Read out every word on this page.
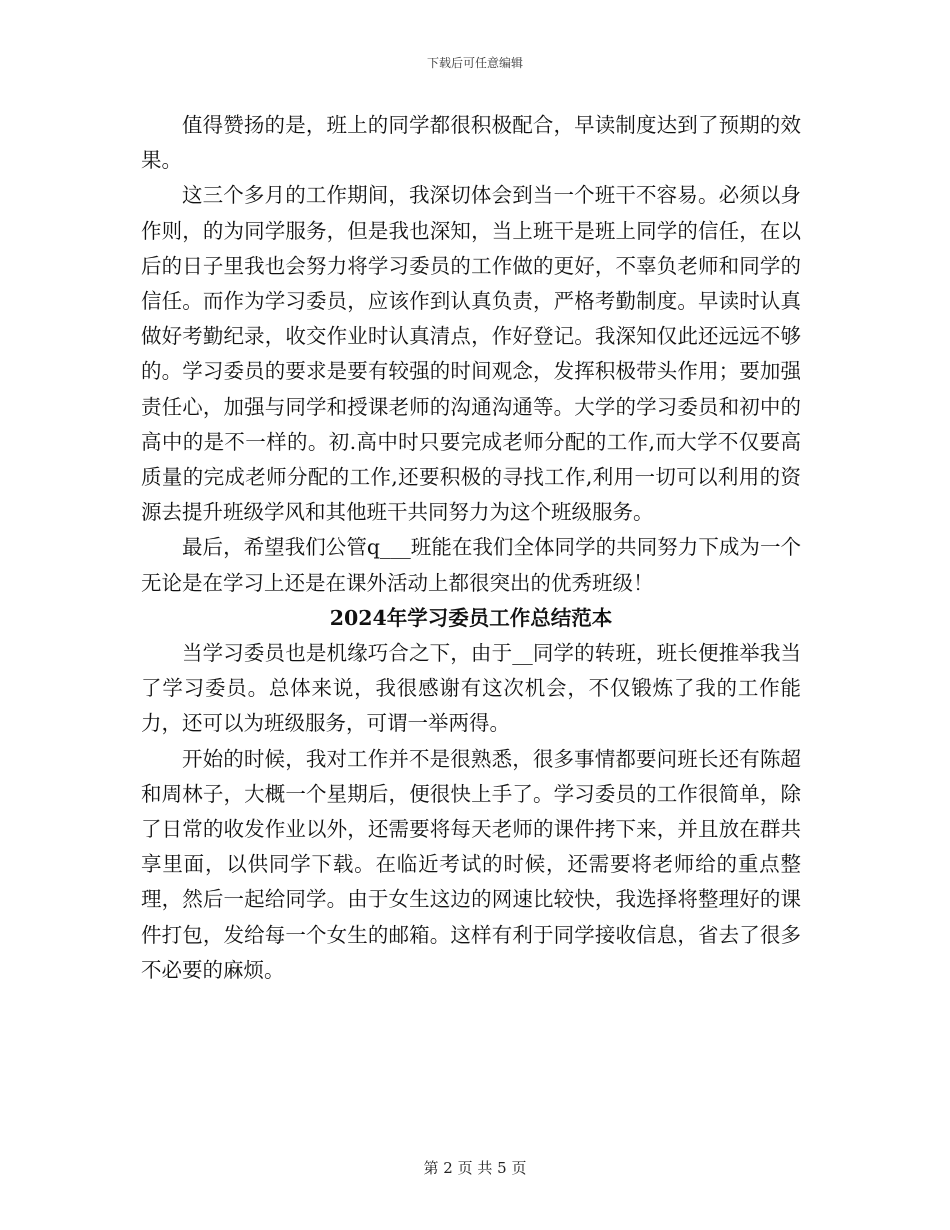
下载后可任意编辑

值得赞扬的是，班上的同学都很积极配合，早读制度达到了预期的效果。

这三个多月的工作期间，我深切体会到当一个班干不容易。必须以身作则，的为同学服务，但是我也深知，当上班干是班上同学的信任，在以后的日子里我也会努力将学习委员的工作做的更好，不辜负老师和同学的信任。而作为学习委员，应该作到认真负责，严格考勤制度。早读时认真做好考勤纪录，收交作业时认真清点，作好登记。我深知仅此还远远不够的。学习委员的要求是要有较强的时间观念，发挥积极带头作用；要加强责任心，加强与同学和授课老师的沟通沟通等。大学的学习委员和初中的高中的是不一样的。初.高中时只要完成老师分配的工作,而大学不仅要高质量的完成老师分配的工作,还要积极的寻找工作,利用一切可以利用的资源去提升班级学风和其他班干共同努力为这个班级服务。

最后，希望我们公管q___班能在我们全体同学的共同努力下成为一个无论是在学习上还是在课外活动上都很突出的优秀班级！

2024年学习委员工作总结范本

当学习委员也是机缘巧合之下，由于__同学的转班，班长便推举我当了学习委员。总体来说，我很感谢有这次机会，不仅锻炼了我的工作能力，还可以为班级服务，可谓一举两得。

开始的时候，我对工作并不是很熟悉，很多事情都要问班长还有陈超和周林子，大概一个星期后，便很快上手了。学习委员的工作很简单，除了日常的收发作业以外，还需要将每天老师的课件拷下来，并且放在群共享里面，以供同学下载。在临近考试的时候，还需要将老师给的重点整理，然后一起给同学。由于女生这边的网速比较快，我选择将整理好的课件打包，发给每一个女生的邮箱。这样有利于同学接收信息，省去了很多不必要的麻烦。

第 2 页 共 5 页
